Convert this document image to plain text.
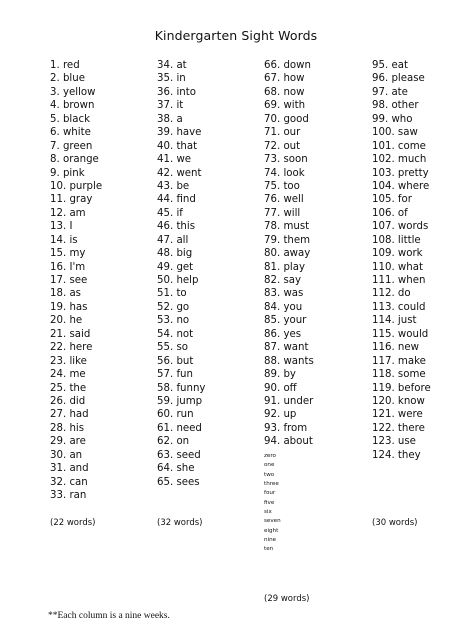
Kindergarten Sight Words
1. red
2. blue
3. yellow
4. brown
5. black
6. white
7. green
8. orange
9. pink
10. purple
11. gray
12. am
13. I
14. is
15. my
16. I'm
17. see
18. as
19. has
20. he
21. said
22. here
23. like
24. me
25. the
26. did
27. had
28. his
29. are
30. an
31. and
32. can
33. ran
34. at
35. in
36. into
37. it
38. a
39. have
40. that
41. we
42. went
43. be
44. find
45. if
46. this
47. all
48. big
49. get
50. help
51. to
52. go
53. no
54. not
55. so
56. but
57. fun
58. funny
59. jump
60. run
61. need
62. on
63. seed
64. she
65. sees
66. down
67. how
68. now
69. with
70. good
71. our
72. out
73. soon
74. look
75. too
76. well
77. will
78. must
79. them
80. away
81. play
82. say
83. was
84. you
85. your
86. yes
87. want
88. wants
89. by
90. off
91. under
92. up
93. from
94. about
95. eat
96. please
97. ate
98. other
99. who
100. saw
101. come
102. much
103. pretty
104. where
105. for
106. of
107. words
108. little
109. work
110. what
111. when
112. do
113. could
114. just
115. would
116. new
117. make
118. some
119. before
120. know
121. were
122. there
123. use
124. they
zero
one
two
three
four
five
six
seven
eight
nine
ten
(22 words)	(32 words)
(29 words)
(30 words)
**Each column is a nine weeks.
